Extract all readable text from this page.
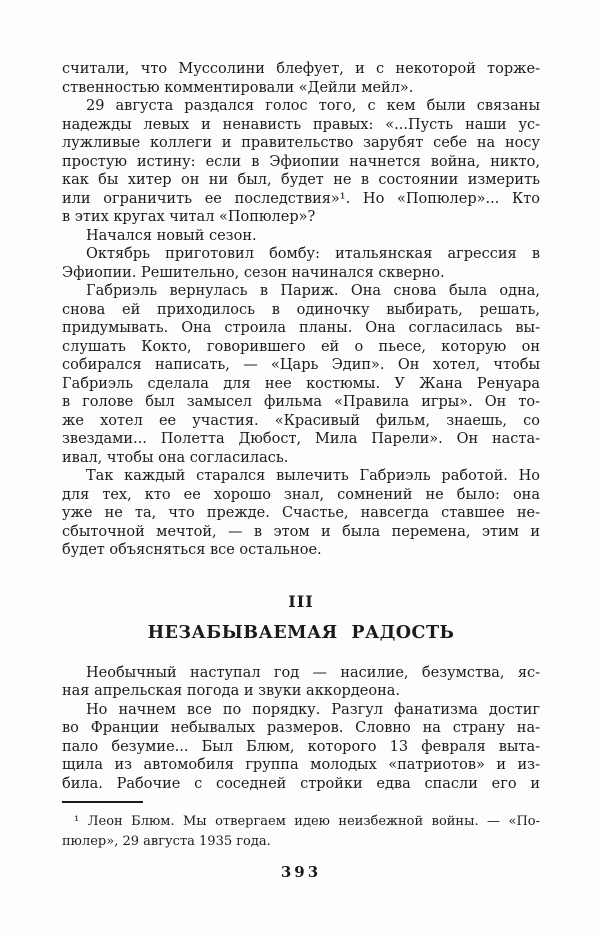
считали, что Муссолини блефует, и с некоторой торже-
ственностью комментировали «Дейли мейл».
29 августа раздался голос того, с кем были связаны
надежды левых и ненависть правых: «...Пусть наши ус-
лужливые коллеги и правительство зарубят себе на носу
простую истину: если в Эфиопии начнется война, никто,
как бы хитер он ни был, будет не в состоянии измерить
или ограничить ее последствия»¹. Но «Попюлер»... Кто
в этих кругах читал «Попюлер»?
Начался новый сезон.
Октябрь приготовил бомбу: итальянская агрессия в
Эфиопии. Решительно, сезон начинался скверно.
Габриэль вернулась в Париж. Она снова была одна,
снова ей приходилось в одиночку выбирать, решать,
придумывать. Она строила планы. Она согласилась вы-
слушать Кокто, говорившего ей о пьесе, которую он
собирался написать, — «Царь Эдип». Он хотел, чтобы
Габриэль сделала для нее костюмы. У Жана Ренуара
в голове был замысел фильма «Правила игры». Он то-
же хотел ее участия. «Красивый фильм, знаешь, со
звездами... Полетта Дюбост, Мила Парели». Он наста-
ивал, чтобы она согласилась.
Так каждый старался вылечить Габриэль работой. Но
для тех, кто ее хорошо знал, сомнений не было: она
уже не та, что прежде. Счастье, навсегда ставшее не-
сбыточной мечтой, — в этом и была перемена, этим и
будет объясняться все остальное.
III
НЕЗАБЫВАЕМАЯ РАДОСТЬ
Необычный наступал год — насилие, безумства, яс-
ная апрельская погода и звуки аккордеона.
Но начнем все по порядку. Разгул фанатизма достиг
во Франции небывалых размеров. Словно на страну на-
пало безумие... Был Блюм, которого 13 февраля выта-
щила из автомобиля группа молодых «патриотов» и из-
била. Рабочие с соседней стройки едва спасли его и
¹ Леон Блюм. Мы отвергаем идею неизбежной войны. — «По-
пюлер», 29 августа 1935 года.
393
